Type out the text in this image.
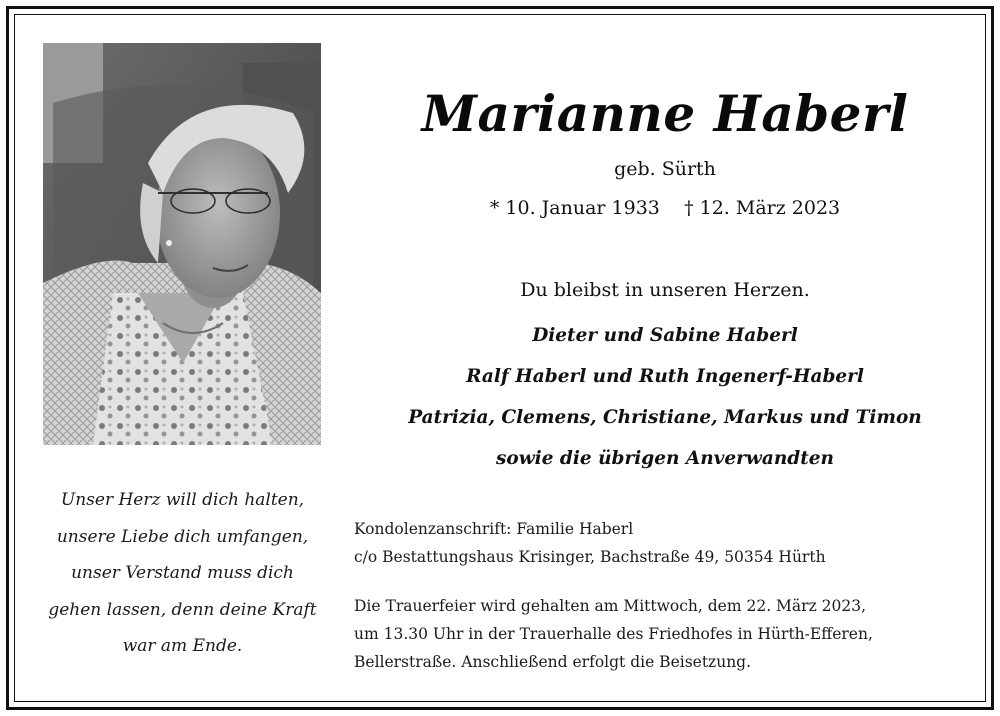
Unser Herz will dich halten,
unsere Liebe dich umfangen,
unser Verstand muss dich
gehen lassen, denn deine Kraft
war am Ende.
Marianne Haberl
geb. Sürth
* 10. Januar 1933 † 12. März 2023
Du bleibst in unseren Herzen.
Dieter und Sabine Haberl
Ralf Haberl und Ruth Ingenerf-Haberl
Patrizia, Clemens, Christiane, Markus und Timon
sowie die übrigen Anverwandten
Kondolenzanschrift: Familie Haberl
c/o Bestattungshaus Krisinger, Bachstraße 49, 50354 Hürth
Die Trauerfeier wird gehalten am Mittwoch, dem 22. März 2023,
um 13.30 Uhr in der Trauerhalle des Friedhofes in Hürth-Efferen,
Bellerstraße. Anschließend erfolgt die Beisetzung.
